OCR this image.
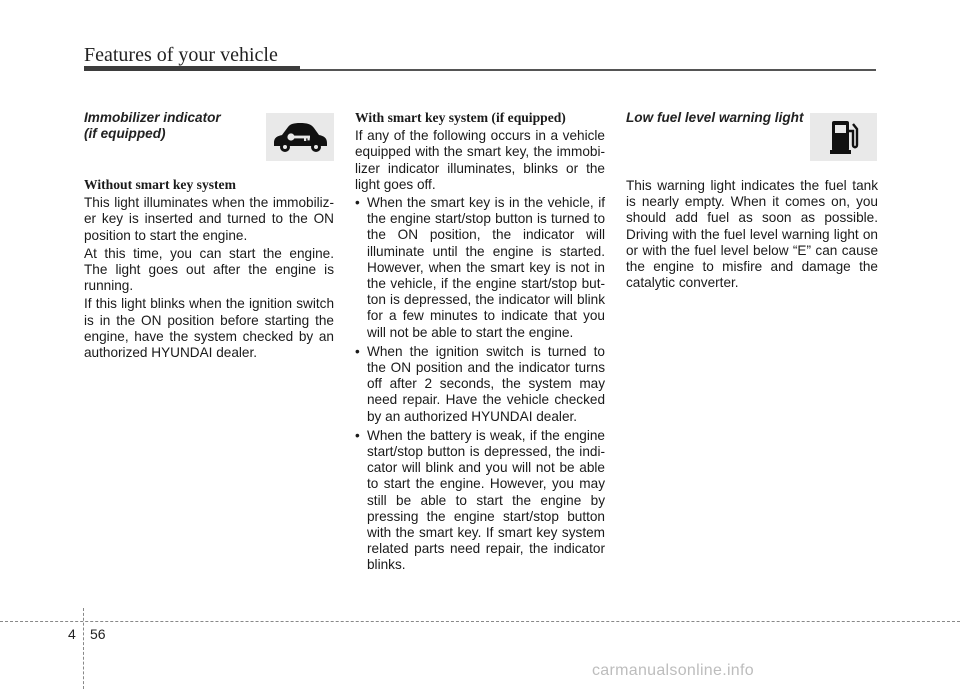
Features of your vehicle
Immobilizer indicator
(if equipped)
Without smart key system

This light illuminates when the immobiliz-er key is inserted and turned to the ON position to start the engine.

At this time, you can start the engine. The light goes out after the engine is running.

If this light blinks when the ignition switch is in the ON position before starting the engine, have the system checked by an authorized HYUNDAI dealer.

With smart key system (if equipped)

If any of the following occurs in a vehicle equipped with the smart key, the immobi-lizer indicator illuminates, blinks or the light goes off.

• When the smart key is in the vehicle, if the engine start/stop button is turned to the ON position, the indicator will illuminate until the engine is started. However, when the smart key is not in the vehicle, if the engine start/stop but-ton is depressed, the indicator will blink for a few minutes to indicate that you will not be able to start the engine.
• When the ignition switch is turned to the ON position and the indicator turns off after 2 seconds, the system may need repair. Have the vehicle checked by an authorized HYUNDAI dealer.
• When the battery is weak, if the engine start/stop button is depressed, the indi-cator will blink and you will not be able to start the engine. However, you may still be able to start the engine by pressing the engine start/stop button with the smart key. If smart key system related parts need repair, the indicator blinks.
Low fuel level warning light

This warning light indicates the fuel tank is nearly empty. When it comes on, you should add fuel as soon as possible. Driving with the fuel level warning light on or with the fuel level below “E” can cause the engine to misfire and damage the catalytic converter.

4 56
carmanualsonline.info
